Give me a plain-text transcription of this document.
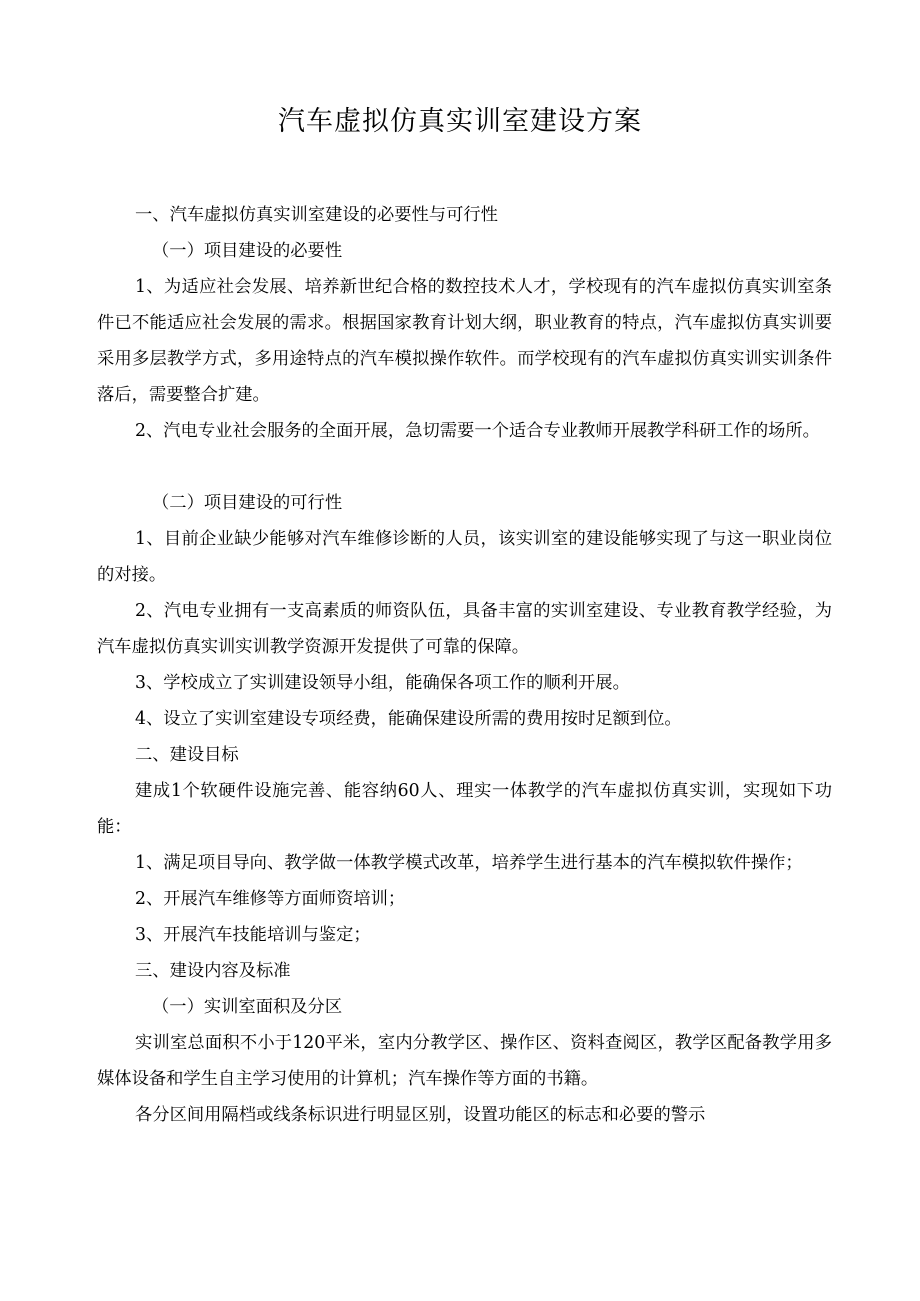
汽车虚拟仿真实训室建设方案
一、汽车虚拟仿真实训室建设的必要性与可行性
（一）项目建设的必要性
1、为适应社会发展、培养新世纪合格的数控技术人才，学校现有的汽车虚拟仿真实训室条件已不能适应社会发展的需求。根据国家教育计划大纲，职业教育的特点，汽车虚拟仿真实训要采用多层教学方式，多用途特点的汽车模拟操作软件。而学校现有的汽车虚拟仿真实训实训条件落后，需要整合扩建。
2、汽电专业社会服务的全面开展，急切需要一个适合专业教师开展教学科研工作的场所。
（二）项目建设的可行性
1、目前企业缺少能够对汽车维修诊断的人员，该实训室的建设能够实现了与这一职业岗位的对接。
2、汽电专业拥有一支高素质的师资队伍，具备丰富的实训室建设、专业教育教学经验，为汽车虚拟仿真实训实训教学资源开发提供了可靠的保障。
3、学校成立了实训建设领导小组，能确保各项工作的顺利开展。
4、设立了实训室建设专项经费，能确保建设所需的费用按时足额到位。
二、建设目标
建成1个软硬件设施完善、能容纳60人、理实一体教学的汽车虚拟仿真实训，实现如下功能：
1、满足项目导向、教学做一体教学模式改革，培养学生进行基本的汽车模拟软件操作；
2、开展汽车维修等方面师资培训；
3、开展汽车技能培训与鉴定；
三、建设内容及标准
（一）实训室面积及分区
实训室总面积不小于120平米，室内分教学区、操作区、资料查阅区，教学区配备教学用多媒体设备和学生自主学习使用的计算机；汽车操作等方面的书籍。
各分区间用隔档或线条标识进行明显区别，设置功能区的标志和必要的警示
